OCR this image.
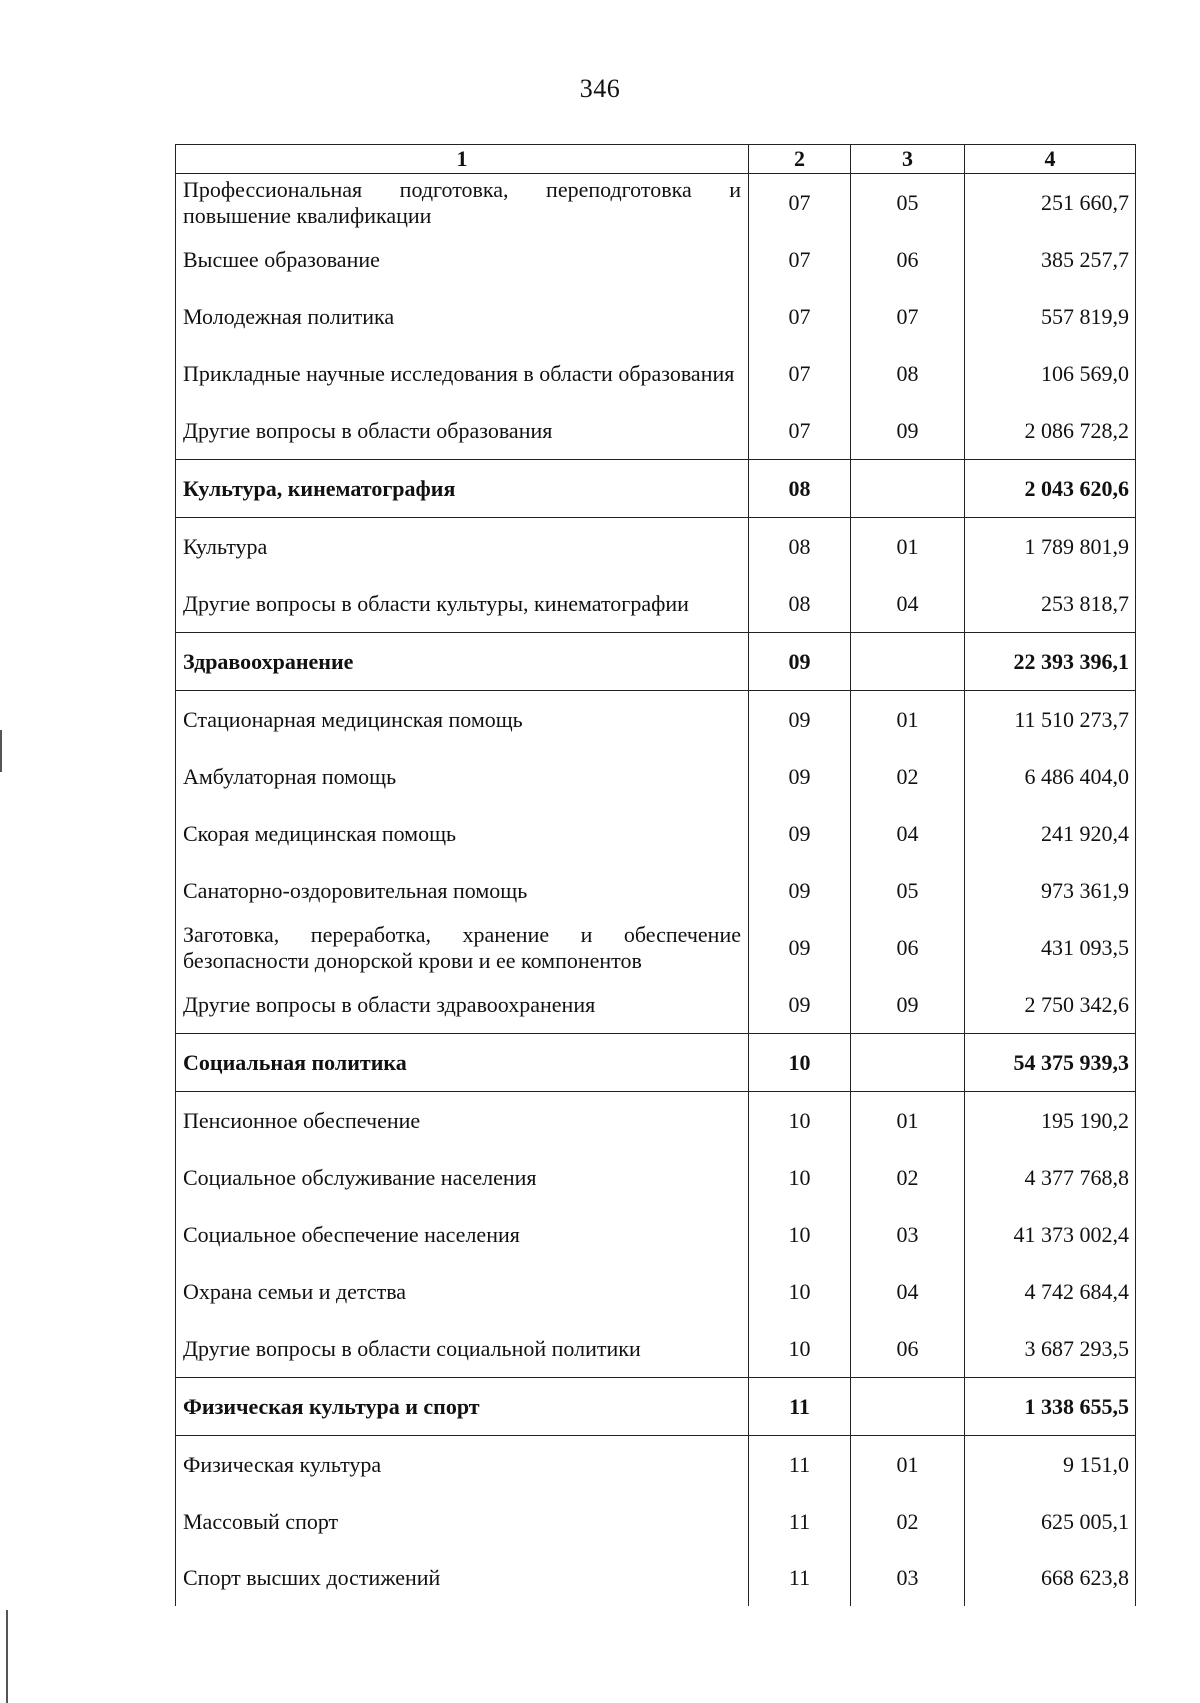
346
1	2	3	4
Профессиональная подготовка, переподготовка и повышение квалификации	07	05	251 660,7
Высшее образование	07	06	385 257,7
Молодежная политика	07	07	557 819,9
Прикладные научные исследования в области образования	07	08	106 569,0
Другие вопросы в области образования	07	09	2 086 728,2
Культура, кинематография	08		2 043 620,6
Культура	08	01	1 789 801,9
Другие вопросы в области культуры, кинематографии	08	04	253 818,7
Здравоохранение	09		22 393 396,1
Стационарная медицинская помощь	09	01	11 510 273,7
Амбулаторная помощь	09	02	6 486 404,0
Скорая медицинская помощь	09	04	241 920,4
Санаторно-оздоровительная помощь	09	05	973 361,9
Заготовка, переработка, хранение и обеспечение безопасности донорской крови и ее компонентов	09	06	431 093,5
Другие вопросы в области здравоохранения	09	09	2 750 342,6
Социальная политика	10		54 375 939,3
Пенсионное обеспечение	10	01	195 190,2
Социальное обслуживание населения	10	02	4 377 768,8
Социальное обеспечение населения	10	03	41 373 002,4
Охрана семьи и детства	10	04	4 742 684,4
Другие вопросы в области социальной политики	10	06	3 687 293,5
Физическая культура и спорт	11		1 338 655,5
Физическая культура	11	01	9 151,0
Массовый спорт	11	02	625 005,1
Спорт высших достижений	11	03	668 623,8
